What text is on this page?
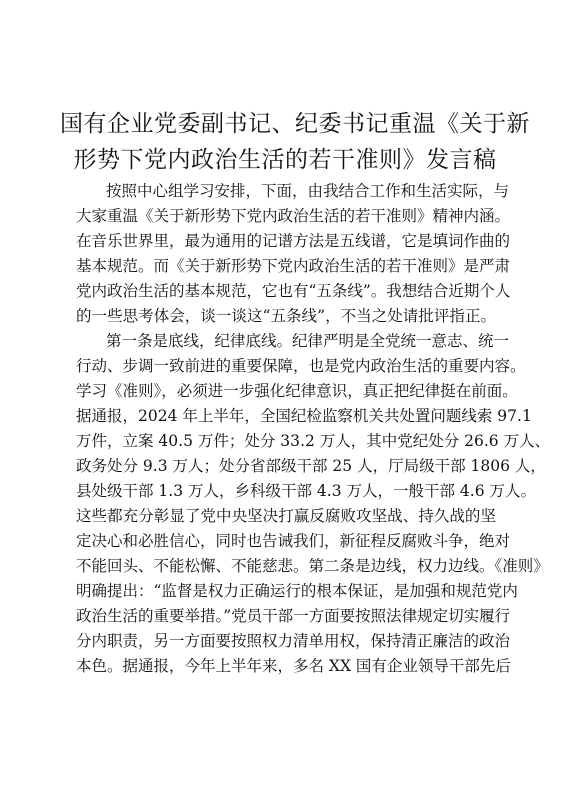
国有企业党委副书记、纪委书记重温《关于新
形势下党内政治生活的若干准则》发言稿
按照中心组学习安排，下面，由我结合工作和生活实际，与
大家重温《关于新形势下党内政治生活的若干准则》精神内涵。
在音乐世界里，最为通用的记谱方法是五线谱，它是填词作曲的
基本规范。而《关于新形势下党内政治生活的若干准则》是严肃
党内政治生活的基本规范，它也有“五条线”。我想结合近期个人
的一些思考体会，谈一谈这“五条线”，不当之处请批评指正。
第一条是底线，纪律底线。纪律严明是全党统一意志、统一
行动、步调一致前进的重要保障，也是党内政治生活的重要内容。
学习《准则》，必须进一步强化纪律意识，真正把纪律挺在前面。
据通报，2024 年上半年，全国纪检监察机关共处置问题线索 97.1
万件，立案 40.5 万件；处分 33.2 万人，其中党纪处分 26.6 万人、
政务处分 9.3 万人；处分省部级干部 25 人，厅局级干部 1806 人，
县处级干部 1.3 万人，乡科级干部 4.3 万人，一般干部 4.6 万人。
这些都充分彰显了党中央坚决打赢反腐败攻坚战、持久战的坚
定决心和必胜信心，同时也告诫我们，新征程反腐败斗争，绝对
不能回头、不能松懈、不能慈悲。第二条是边线，权力边线。《准则》
明确提出：“监督是权力正确运行的根本保证，是加强和规范党内
政治生活的重要举措。”党员干部一方面要按照法律规定切实履行
分内职责，另一方面要按照权力清单用权，保持清正廉洁的政治
本色。据通报，今年上半年来，多名 XX 国有企业领导干部先后
